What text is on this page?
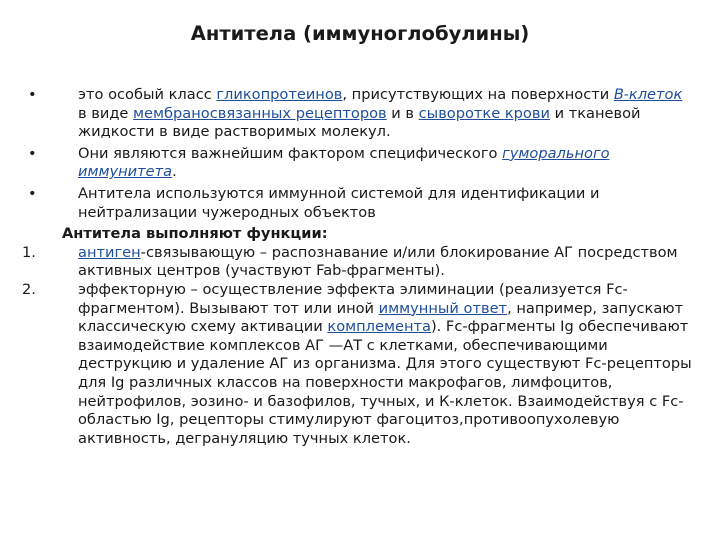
Антитела (иммуноглобулины)
•	это особый класс гликопротеинов, присутствующих на поверхности B-клеток в виде мембраносвязанных рецепторов и в сыворотке крови и тканевой жидкости в виде растворимых молекул.
•	Они являются важнейшим фактором специфического гуморального иммунитета.
•	Антитела используются иммунной системой для идентификации и нейтрализации чужеродных объектов
Антитела выполняют функции:
1.	антиген-связывающую – распознавание и/или блокирование АГ посредством активных центров (участвуют Fab-фрагменты).
2.	эффекторную – осуществление эффекта элиминации (реализуется Fc-фрагментом). Вызывают тот или иной иммунный ответ, например, запускают классическую схему активации комплемента). Fc-фрагменты Ig обеспечивают взаимодействие комплексов АГ —АТ с клетками, обеспечивающими деструкцию и удаление АГ из организма. Для этого существуют Fc-рецепторы для Ig различных классов на поверхности макрофагов, лимфоцитов, нейтрофилов, эозино- и базофилов, тучных, и К-клеток. Взаимодействуя с Fc-областью Ig, рецепторы стимулируют фагоцитоз,противоопухолевую активность, дегрануляцию тучных клеток.
